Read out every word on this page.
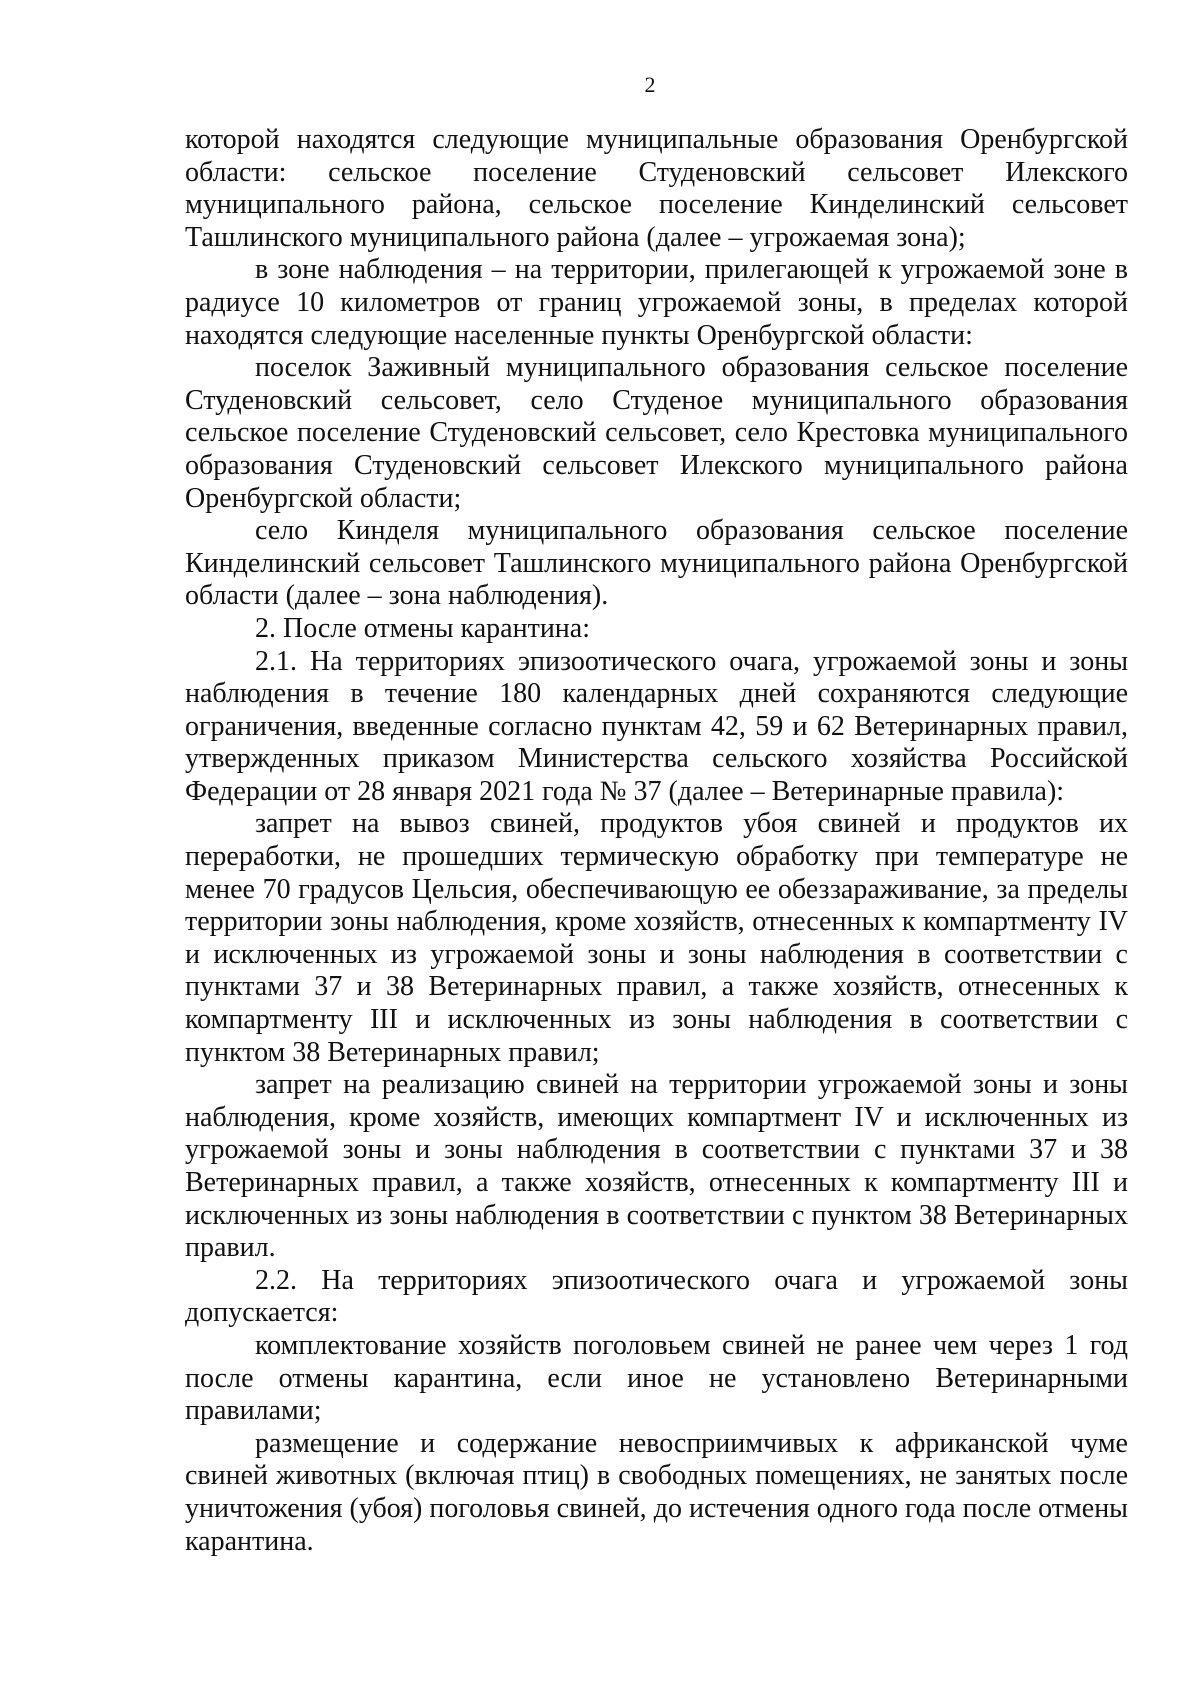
2

которой находятся следующие муниципальные образования Оренбургской области: сельское поселение Студеновский сельсовет Илекского муниципального района, сельское поселение Кинделинский сельсовет Ташлинского муниципального района (далее – угрожаемая зона);

в зоне наблюдения – на территории, прилегающей к угрожаемой зоне в радиусе 10 километров от границ угрожаемой зоны, в пределах которой находятся следующие населенные пункты Оренбургской области:

поселок Заживный муниципального образования сельское поселение Студеновский сельсовет, село Студеное муниципального образования сельское поселение Студеновский сельсовет, село Крестовка муниципального образования Студеновский сельсовет Илекского муниципального района Оренбургской области;

село Кинделя муниципального образования сельское поселение Кинделинский сельсовет Ташлинского муниципального района Оренбургской области (далее – зона наблюдения).

2. После отмены карантина:

2.1. На территориях эпизоотического очага, угрожаемой зоны и зоны наблюдения в течение 180 календарных дней сохраняются следующие ограничения, введенные согласно пунктам 42, 59 и 62 Ветеринарных правил, утвержденных приказом Министерства сельского хозяйства Российской Федерации от 28 января 2021 года № 37 (далее – Ветеринарные правила):

запрет на вывоз свиней, продуктов убоя свиней и продуктов их переработки, не прошедших термическую обработку при температуре не менее 70 градусов Цельсия, обеспечивающую ее обеззараживание, за пределы территории зоны наблюдения, кроме хозяйств, отнесенных к компартменту IV и исключенных из угрожаемой зоны и зоны наблюдения в соответствии с пунктами 37 и 38 Ветеринарных правил, а также хозяйств, отнесенных к компартменту III и исключенных из зоны наблюдения в соответствии с пунктом 38 Ветеринарных правил;

запрет на реализацию свиней на территории угрожаемой зоны и зоны наблюдения, кроме хозяйств, имеющих компартмент IV и исключенных из угрожаемой зоны и зоны наблюдения в соответствии с пунктами 37 и 38 Ветеринарных правил, а также хозяйств, отнесенных к компартменту III и исключенных из зоны наблюдения в соответствии с пунктом 38 Ветеринарных правил.

2.2. На территориях эпизоотического очага и угрожаемой зоны допускается:

комплектование хозяйств поголовьем свиней не ранее чем через 1 год после отмены карантина, если иное не установлено Ветеринарными правилами;

размещение и содержание невосприимчивых к африканской чуме свиней животных (включая птиц) в свободных помещениях, не занятых после уничтожения (убоя) поголовья свиней, до истечения одного года после отмены карантина.
